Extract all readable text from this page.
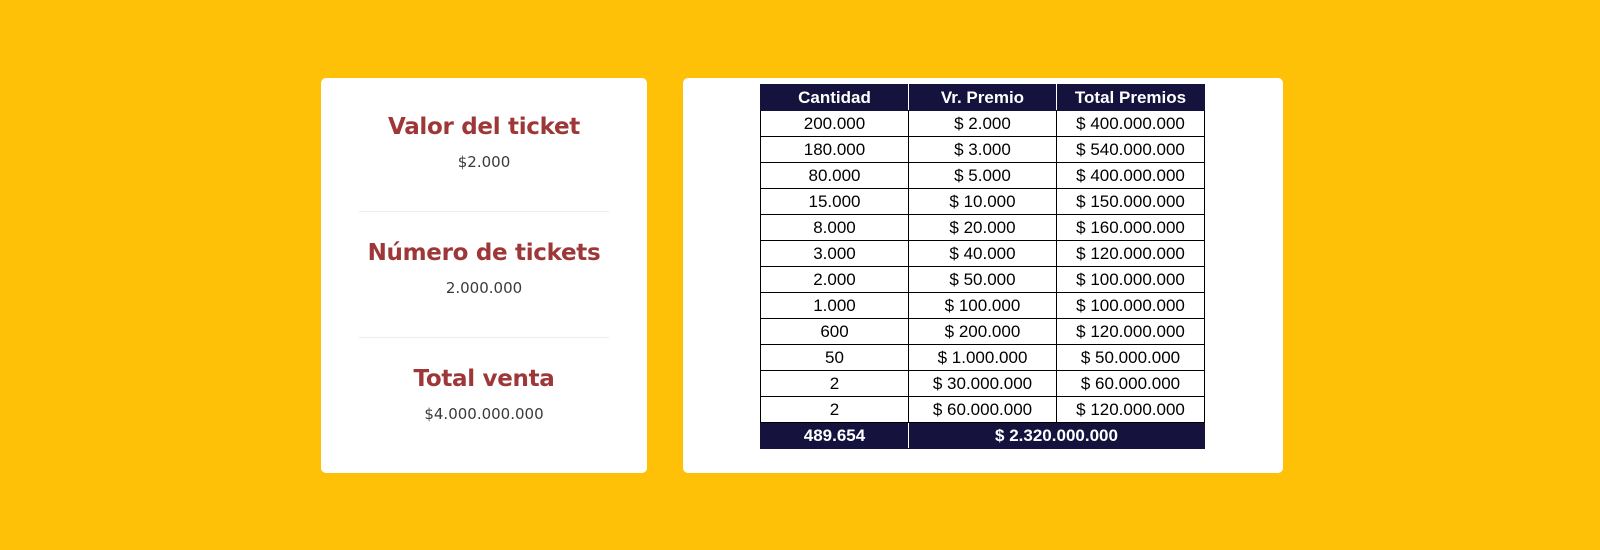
Valor del ticket
$2.000
Número de tickets
2.000.000
Total venta
$4.000.000.000
Cantidad	Vr. Premio	Total Premios
200.000	$ 2.000	$ 400.000.000
180.000	$ 3.000	$ 540.000.000
80.000	$ 5.000	$ 400.000.000
15.000	$ 10.000	$ 150.000.000
8.000	$ 20.000	$ 160.000.000
3.000	$ 40.000	$ 120.000.000
2.000	$ 50.000	$ 100.000.000
1.000	$ 100.000	$ 100.000.000
600	$ 200.000	$ 120.000.000
50	$ 1.000.000	$ 50.000.000
2	$ 30.000.000	$ 60.000.000
2	$ 60.000.000	$ 120.000.000
489.654	$ 2.320.000.000	
